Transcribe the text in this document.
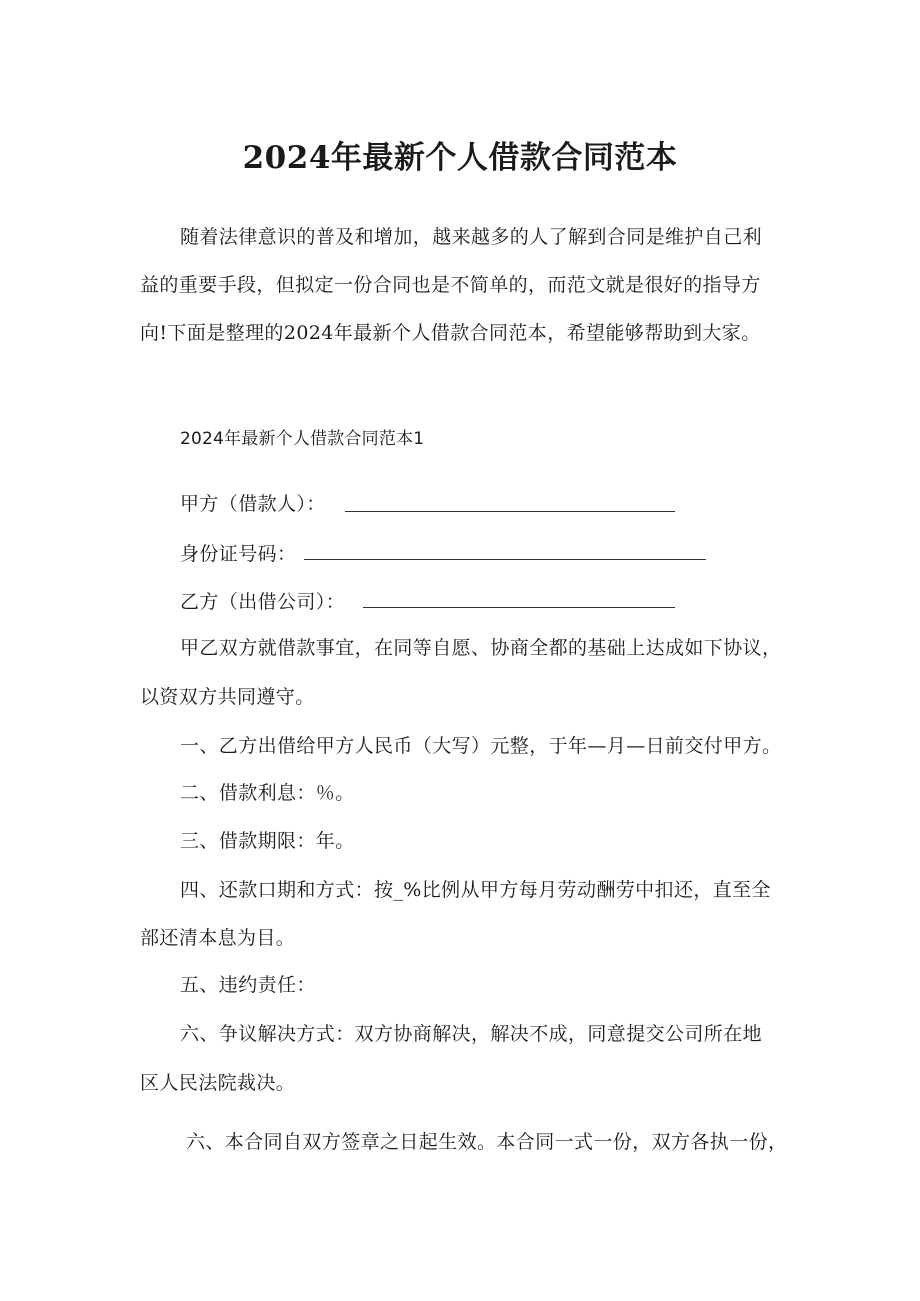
2024年最新个人借款合同范本
随着法律意识的普及和增加，越来越多的人了解到合同是维护自己利
益的重要手段，但拟定一份合同也是不简单的，而范文就是很好的指导方
向!下面是整理的2024年最新个人借款合同范本，希望能够帮助到大家。
2024年最新个人借款合同范本1
甲方（借款人）：
身份证号码：
乙方（出借公司）：
甲乙双方就借款事宜，在同等自愿、协商全都的基础上达成如下协议，
以资双方共同遵守。
一、乙方出借给甲方人民币（大写）元整，于年—月—日前交付甲方。
二、借款利息：％。
三、借款期限：年。
四、还款口期和方式：按_%比例从甲方每月劳动酬劳中扣还，直至全
部还清本息为目。
五、违约责任：
六、争议解决方式：双方协商解决，解决不成，同意提交公司所在地
区人民法院裁决。
六、本合同自双方签章之日起生效。本合同一式一份，双方各执一份，
